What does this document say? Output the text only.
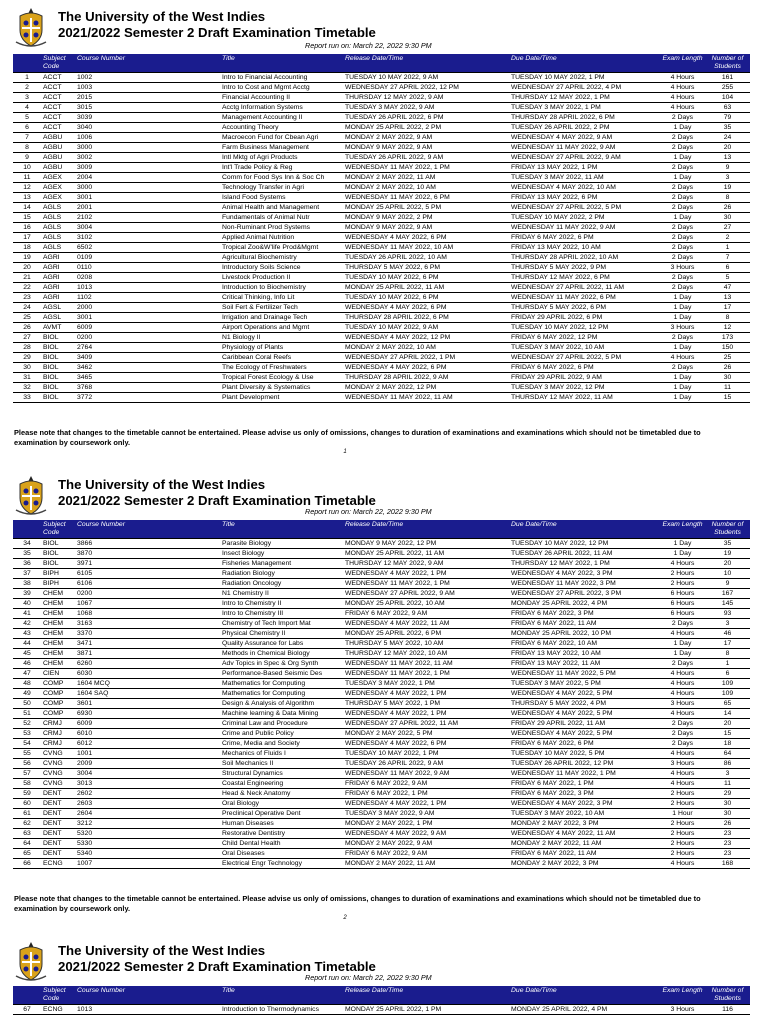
The University of the West Indies
2021/2022 Semester 2 Draft Examination Timetable
Report run on: March 22, 2022 9:30 PM
	Subject Code	Course Number	Title	Release Date/Time	Due Date/Time	Exam Length	Number of Students
1	ACCT	1002	Intro to Financial Accounting	TUESDAY 10 MAY 2022, 9 AM	TUESDAY 10 MAY 2022, 1 PM	4 Hours	161
2	ACCT	1003	Intro to Cost and Mgmt Acctg	WEDNESDAY 27 APRIL 2022, 12 PM	WEDNESDAY 27 APRIL 2022, 4 PM	4 Hours	255
3	ACCT	2015	Financial Accounting II	THURSDAY 12 MAY 2022, 9 AM	THURSDAY 12 MAY 2022, 1 PM	4 Hours	104
4	ACCT	3015	Acctg Information Systems	TUESDAY 3 MAY 2022, 9 AM	TUESDAY 3 MAY 2022, 1 PM	4 Hours	63
5	ACCT	3039	Management Accounting II	TUESDAY 26 APRIL 2022, 6 PM	THURSDAY 28 APRIL 2022, 6 PM	2 Days	79
6	ACCT	3040	Accounting Theory	MONDAY 25 APRIL 2022, 2 PM	TUESDAY 26 APRIL 2022, 2 PM	1 Day	35
7	AGBU	1006	Macroecon Fund for Cbean Agri	MONDAY 2 MAY 2022, 9 AM	WEDNESDAY 4 MAY 2022, 9 AM	2 Days	24
8	AGBU	3000	Farm Business Management	MONDAY 9 MAY 2022, 9 AM	WEDNESDAY 11 MAY 2022, 9 AM	2 Days	20
9	AGBU	3002	Intl Mktg of Agri Products	TUESDAY 26 APRIL 2022, 9 AM	WEDNESDAY 27 APRIL 2022, 9 AM	1 Day	13
10	AGBU	3009	Int'l Trade Policy & Reg	WEDNESDAY 11 MAY 2022, 1 PM	FRIDAY 13 MAY 2022, 1 PM	2 Days	9
11	AGEX	2004	Comm for Food Sys Inn & Soc Ch	MONDAY 2 MAY 2022, 11 AM	TUESDAY 3 MAY 2022, 11 AM	1 Day	3
12	AGEX	3000	Technology Transfer in Agri	MONDAY 2 MAY 2022, 10 AM	WEDNESDAY 4 MAY 2022, 10 AM	2 Days	19
13	AGEX	3001	Island Food Systems	WEDNESDAY 11 MAY 2022, 6 PM	FRIDAY 13 MAY 2022, 6 PM	2 Days	8
14	AGLS	2001	Animal Health and Management	MONDAY 25 APRIL 2022, 5 PM	WEDNESDAY 27 APRIL 2022, 5 PM	2 Days	26
15	AGLS	2102	Fundamentals of Animal Nutr	MONDAY 9 MAY 2022, 2 PM	TUESDAY 10 MAY 2022, 2 PM	1 Day	30
16	AGLS	3004	Non-Ruminant Prod Systems	MONDAY 9 MAY 2022, 9 AM	WEDNESDAY 11 MAY 2022, 9 AM	2 Days	27
17	AGLS	3102	Applied Animal Nutrition	WEDNESDAY 4 MAY 2022, 6 PM	FRIDAY 6 MAY 2022, 6 PM	2 Days	2
18	AGLS	6502	Tropical Zoo&W'life Prod&Mgmt	WEDNESDAY 11 MAY 2022, 10 AM	FRIDAY 13 MAY 2022, 10 AM	2 Days	1
19	AGRI	0109	Agricultural Biochemistry	TUESDAY 26 APRIL 2022, 10 AM	THURSDAY 28 APRIL 2022, 10 AM	2 Days	7
20	AGRI	0110	Introductory Soils Science	THURSDAY 5 MAY 2022, 6 PM	THURSDAY 5 MAY 2022, 9 PM	3 Hours	6
21	AGRI	0208	Livestock Production II	TUESDAY 10 MAY 2022, 6 PM	THURSDAY 12 MAY 2022, 6 PM	2 Days	5
22	AGRI	1013	Introduction to Biochemistry	MONDAY 25 APRIL 2022, 11 AM	WEDNESDAY 27 APRIL 2022, 11 AM	2 Days	47
23	AGRI	1102	Critical Thinking, Info Lit	TUESDAY 10 MAY 2022, 6 PM	WEDNESDAY 11 MAY 2022, 6 PM	1 Day	13
24	AGSL	2000	Soil Fert & Fertilizer Tech	WEDNESDAY 4 MAY 2022, 6 PM	THURSDAY 5 MAY 2022, 6 PM	1 Day	17
25	AGSL	3001	Irrigation and Drainage Tech	THURSDAY 28 APRIL 2022, 6 PM	FRIDAY 29 APRIL 2022, 6 PM	1 Day	8
26	AVMT	6009	Airport Operations and Mgmt	TUESDAY 10 MAY 2022, 9 AM	TUESDAY 10 MAY 2022, 12 PM	3 Hours	12
27	BIOL	0200	N1 Biology II	WEDNESDAY 4 MAY 2022, 12 PM	FRIDAY 6 MAY 2022, 12 PM	2 Days	173
28	BIOL	2764	Physiology of Plants	MONDAY 2 MAY 2022, 10 AM	TUESDAY 3 MAY 2022, 10 AM	1 Day	150
29	BIOL	3409	Caribbean Coral Reefs	WEDNESDAY 27 APRIL 2022, 1 PM	WEDNESDAY 27 APRIL 2022, 5 PM	4 Hours	25
30	BIOL	3462	The Ecology of Freshwaters	WEDNESDAY 4 MAY 2022, 6 PM	FRIDAY 6 MAY 2022, 6 PM	2 Days	26
31	BIOL	3465	Tropical Forest Ecology & Use	THURSDAY 28 APRIL 2022, 9 AM	FRIDAY 29 APRIL 2022, 9 AM	1 Day	30
32	BIOL	3768	Plant Diversity & Systematics	MONDAY 2 MAY 2022, 12 PM	TUESDAY 3 MAY 2022, 12 PM	1 Day	11
33	BIOL	3772	Plant Development	WEDNESDAY 11 MAY 2022, 11 AM	THURSDAY 12 MAY 2022, 11 AM	1 Day	15
Please note that changes to the timetable cannot be entertained. Please advise us only of omissions, changes to duration of examinations and examinations which should not be timetabled due to examination by coursework only.
1
The University of the West Indies
2021/2022 Semester 2 Draft Examination Timetable
Report run on: March 22, 2022 9:30 PM
	Subject Code	Course Number	Title	Release Date/Time	Due Date/Time	Exam Length	Number of Students
34	BIOL	3866	Parasite Biology	MONDAY 9 MAY 2022, 12 PM	TUESDAY 10 MAY 2022, 12 PM	1 Day	35
35	BIOL	3870	Insect Biology	MONDAY 25 APRIL 2022, 11 AM	TUESDAY 26 APRIL 2022, 11 AM	1 Day	19
36	BIOL	3971	Fisheries Management	THURSDAY 12 MAY 2022, 9 AM	THURSDAY 12 MAY 2022, 1 PM	4 Hours	20
37	BIPH	6105	Radiation Biology	WEDNESDAY 4 MAY 2022, 1 PM	WEDNESDAY 4 MAY 2022, 3 PM	2 Hours	10
38	BIPH	6106	Radiation Oncology	WEDNESDAY 11 MAY 2022, 1 PM	WEDNESDAY 11 MAY 2022, 3 PM	2 Hours	9
39	CHEM	0200	N1 Chemistry II	WEDNESDAY 27 APRIL 2022, 9 AM	WEDNESDAY 27 APRIL 2022, 3 PM	6 Hours	167
40	CHEM	1067	Intro to Chemistry II	MONDAY 25 APRIL 2022, 10 AM	MONDAY 25 APRIL 2022, 4 PM	6 Hours	145
41	CHEM	1068	Intro to Chemistry III	FRIDAY 6 MAY 2022, 9 AM	FRIDAY 6 MAY 2022, 3 PM	6 Hours	93
42	CHEM	3163	Chemistry of Tech Import Mat	WEDNESDAY 4 MAY 2022, 11 AM	FRIDAY 6 MAY 2022, 11 AM	2 Days	3
43	CHEM	3370	Physical Chemistry II	MONDAY 25 APRIL 2022, 6 PM	MONDAY 25 APRIL 2022, 10 PM	4 Hours	46
44	CHEM	3471	Quality Assurance for Labs	THURSDAY 5 MAY 2022, 10 AM	FRIDAY 6 MAY 2022, 10 AM	1 Day	17
45	CHEM	3871	Methods in Chemical Biology	THURSDAY 12 MAY 2022, 10 AM	FRIDAY 13 MAY 2022, 10 AM	1 Day	8
46	CHEM	6260	Adv Topics in Spec & Org Synth	WEDNESDAY 11 MAY 2022, 11 AM	FRIDAY 13 MAY 2022, 11 AM	2 Days	1
47	CIEN	6030	Performance-Based Seismic Des	WEDNESDAY 11 MAY 2022, 1 PM	WEDNESDAY 11 MAY 2022, 5 PM	4 Hours	6
48	COMP	1604 MCQ	Mathematics for Computing	TUESDAY 3 MAY 2022, 1 PM	TUESDAY 3 MAY 2022, 5 PM	4 Hours	109
49	COMP	1604 SAQ	Mathematics for Computing	WEDNESDAY 4 MAY 2022, 1 PM	WEDNESDAY 4 MAY 2022, 5 PM	4 Hours	109
50	COMP	3601	Design & Analysis of Algorithm	THURSDAY 5 MAY 2022, 1 PM	THURSDAY 5 MAY 2022, 4 PM	3 Hours	65
51	COMP	6930	Machine learning & Data Mining	WEDNESDAY 4 MAY 2022, 1 PM	WEDNESDAY 4 MAY 2022, 5 PM	4 Hours	14
52	CRMJ	6009	Criminal Law and Procedure	WEDNESDAY 27 APRIL 2022, 11 AM	FRIDAY 29 APRIL 2022, 11 AM	2 Days	20
53	CRMJ	6010	Crime and Public Policy	MONDAY 2 MAY 2022, 5 PM	WEDNESDAY 4 MAY 2022, 5 PM	2 Days	15
54	CRMJ	6012	Crime, Media and Society	WEDNESDAY 4 MAY 2022, 6 PM	FRIDAY 6 MAY 2022, 6 PM	2 Days	18
55	CVNG	1001	Mechanics of Fluids I	TUESDAY 10 MAY 2022, 1 PM	TUESDAY 10 MAY 2022, 5 PM	4 Hours	64
56	CVNG	2009	Soil Mechanics II	TUESDAY 26 APRIL 2022, 9 AM	TUESDAY 26 APRIL 2022, 12 PM	3 Hours	86
57	CVNG	3004	Structural Dynamics	WEDNESDAY 11 MAY 2022, 9 AM	WEDNESDAY 11 MAY 2022, 1 PM	4 Hours	3
58	CVNG	3013	Coastal Engineering	FRIDAY 6 MAY 2022, 9 AM	FRIDAY 6 MAY 2022, 1 PM	4 Hours	11
59	DENT	2602	Head & Neck Anatomy	FRIDAY 6 MAY 2022, 1 PM	FRIDAY 6 MAY 2022, 3 PM	2 Hours	29
60	DENT	2603	Oral Biology	WEDNESDAY 4 MAY 2022, 1 PM	WEDNESDAY 4 MAY 2022, 3 PM	2 Hours	30
61	DENT	2604	Preclinical Operative Dent	TUESDAY 3 MAY 2022, 9 AM	TUESDAY 3 MAY 2022, 10 AM	1 Hour	30
62	DENT	3212	Human Diseases	MONDAY 2 MAY 2022, 1 PM	MONDAY 2 MAY 2022, 3 PM	2 Hours	26
63	DENT	5320	Restorative Dentistry	WEDNESDAY 4 MAY 2022, 9 AM	WEDNESDAY 4 MAY 2022, 11 AM	2 Hours	23
64	DENT	5330	Child Dental Health	MONDAY 2 MAY 2022, 9 AM	MONDAY 2 MAY 2022, 11 AM	2 Hours	23
65	DENT	5340	Oral Diseases	FRIDAY 6 MAY 2022, 9 AM	FRIDAY 6 MAY 2022, 11 AM	2 Hours	23
66	ECNG	1007	Electrical Engr Technology	MONDAY 2 MAY 2022, 11 AM	MONDAY 2 MAY 2022, 3 PM	4 Hours	168
Please note that changes to the timetable cannot be entertained. Please advise us only of omissions, changes to duration of examinations and examinations which should not be timetabled due to examination by coursework only.
2
The University of the West Indies
2021/2022 Semester 2 Draft Examination Timetable
Report run on: March 22, 2022 9:30 PM
	Subject Code	Course Number	Title	Release Date/Time	Due Date/Time	Exam Length	Number of Students
67	ECNG	1013	Introduction to Thermodynamics	MONDAY 25 APRIL 2022, 1 PM	MONDAY 25 APRIL 2022, 4 PM	3 Hours	116
